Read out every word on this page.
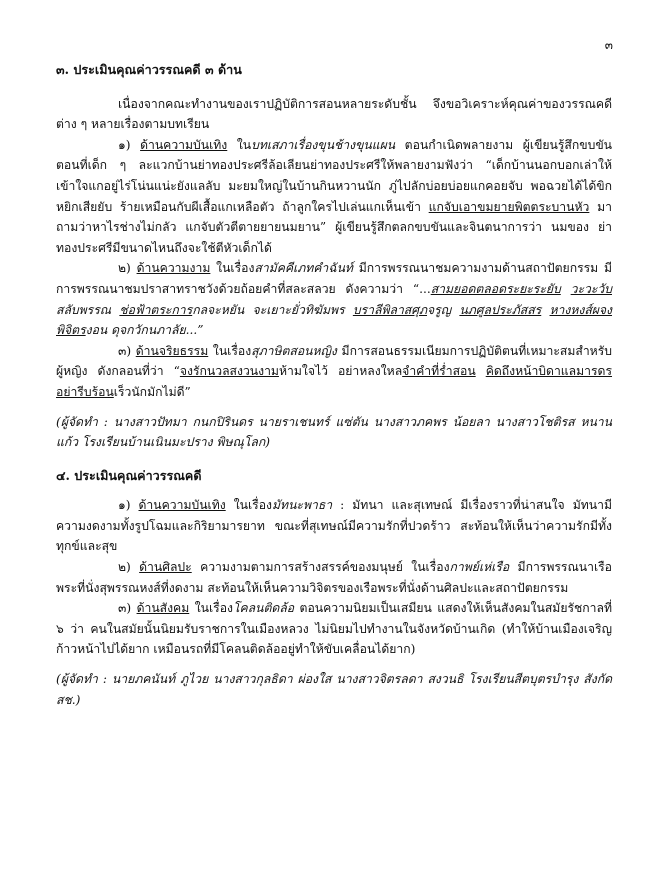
๓

๓. ประเมินคุณค่าวรรณคดี ๓ ด้าน

เนื่องจากคณะทำงานของเราปฏิบัติการสอนหลายระดับชั้น จึงขอวิเคราะห์คุณค่าของวรรณคดีต่าง ๆ หลายเรื่องตามบทเรียน

๑) ด้านความบันเทิง ในบทเสภาเรื่องขุนช้างขุนแผน ตอนกำเนิดพลายงาม ผู้เขียนรู้สึกขบขันตอนที่เด็ก ๆ ละแวกบ้านย่าทองประศรีล้อเลียนย่าทองประศรีให้พลายงามฟังว่า “เด็กบ้านนอกบอกเล่าให้เข้าใจแกอยู่ไร่โน่นแน่ะยังแลลับ มะยมใหญ่ในบ้านกินหวานนัก ภู่ไปลักบ่อยบ่อยแกคอยจับ พอฉวยได้ได้ขิกหยิกเสียยับ ร้ายเหมือนกับผีเสื้อแกเหลือตัว ถ้าลูกใครไปเล่นแกเห็นเข้า แกจับเอาขมยายพิตตระบานหัว มาถามว่าหาไรช่างไม่กลัว แกจับตัวตีตายยายนมยาน” ผู้เขียนรู้สึกตลกขบขันและจินตนาการว่า นมของ ย่าทองประศรีมีขนาดไหนถึงจะใช้ตีหัวเด็กได้

๒) ด้านความงาม ในเรื่องสามัคคีเภทคำฉันท์ มีการพรรณนาชมความงามด้านสถาปัตยกรรม มีการพรรณนาชมปราสาทราชวังด้วยถ้อยคำที่สละสลวย ดังความว่า “...สามยอดตลอดระยะระยับ วะวะวับ สลับพรรณ ช่อฟ้าตระการกลจะหยัน จะเยาะยั่วทิฆัมพร บราลีพิลาสศุภจรูญ นภศูลประภัสสร หางหงส์ผจงพิจิตรงอน ดุจกวักนภาลัย...”

๓) ด้านจริยธรรม ในเรื่องสุภาษิตสอนหญิง มีการสอนธรรมเนียมการปฏิบัติตนที่เหมาะสมสำหรับผู้หญิง ดังกลอนที่ว่า “จงรักนวลสงวนงามห้ามใจไว้ อย่าหลงใหลจำคำที่ร่ำสอน คิดถึงหน้าบิดาแลมารดร อย่ารีบร้อนเร็วนักมักไม่ดี”

(ผู้จัดทำ : นางสาวปัทมา กนกปิรินดร นายราเชนทร์ แซ่ตัน นางสาวภคพร น้อยลา นางสาวโชติรส หนานแก้ว โรงเรียนบ้านเนินมะปราง พิษณุโลก)

๔. ประเมินคุณค่าวรรณคดี

๑) ด้านความบันเทิง ในเรื่องมัทนะพาธา : มัทนา และสุเทษณ์ มีเรื่องราวที่น่าสนใจ มัทนามีความงดงามทั้งรูปโฉมและกิริยามารยาท ขณะที่สุเทษณ์มีความรักที่ปวดร้าว สะท้อนให้เห็นว่าความรักมีทั้งทุกข์และสุข

๒) ด้านศิลปะ ความงามตามการสร้างสรรค์ของมนุษย์ ในเรื่องกาพย์เห่เรือ มีการพรรณนาเรือ พระที่นั่งสุพรรณหงส์ที่งดงาม สะท้อนให้เห็นความวิจิตรของเรือพระที่นั่งด้านศิลปะและสถาปัตยกรรม

๓) ด้านสังคม ในเรื่องโคลนติดล้อ ตอนความนิยมเป็นเสมียน แสดงให้เห็นสังคมในสมัยรัชกาลที่ ๖ ว่า คนในสมัยนั้นนิยมรับราชการในเมืองหลวง ไม่นิยมไปทำงานในจังหวัดบ้านเกิด (ทำให้บ้านเมืองเจริญก้าวหน้าไปได้ยาก เหมือนรถที่มีโคลนติดล้ออยู่ทำให้ขับเคลื่อนได้ยาก)

(ผู้จัดทำ : นายภคนันท์ ภูไวย นางสาวกุลธิดา ผ่องใส นางสาวจิตรลดา สงวนธิ โรงเรียนสีตบุตรบำรุง สังกัด สช.)
